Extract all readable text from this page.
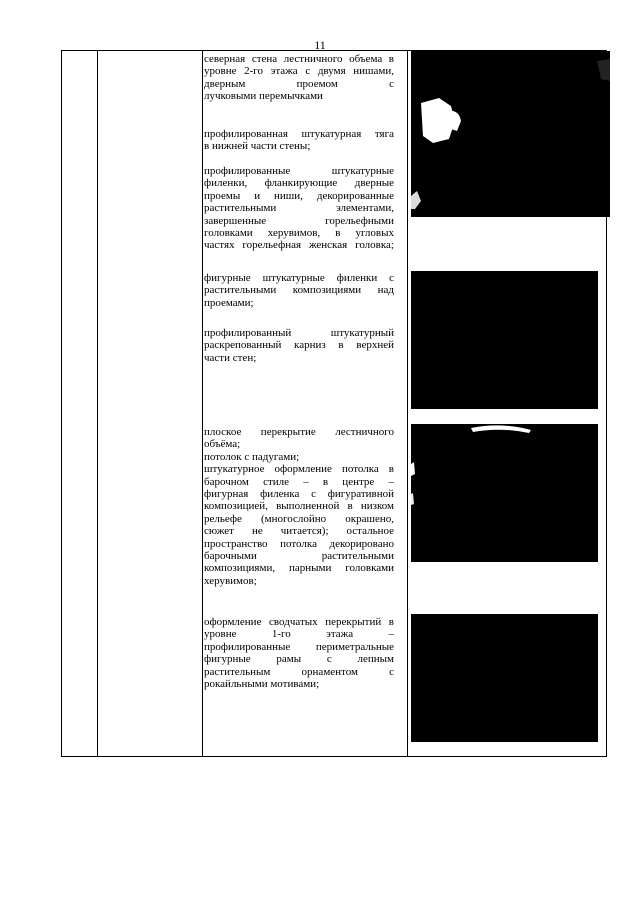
11

северная стена лестничного объема в

уровне 2-го этажа с двумя нишами,

дверным проемом с

лучковыми перемычками

профилированная штукатурная тяга

в нижней части стены;

профилированные штукатурные

филенки, фланкирующие дверные

проемы и ниши, декорированные

растительными элементами,

завершенные горельефными

головками херувимов, в угловых

частях горельефная женская головка;

фигурные штукатурные филенки с

растительными композициями над

проемами;

профилированный штукатурный

раскрепованный карниз в верхней

части стен;

плоское перекрытие лестничного

объёма;

потолок с падугами;

штукатурное оформление потолка в

барочном стиле – в центре –

фигурная филенка с фигуративной

композицией, выполненной в низком

рельефе (многослойно окрашено,

сюжет не читается); остальное

пространство потолка декорировано

барочными растительными

композициями, парными головками

херувимов;

оформление сводчатых перекрытий в

уровне 1-го этажа –

профилированные периметральные

фигурные рамы с лепным

растительным орнаментом с

рокайльными мотивами;
